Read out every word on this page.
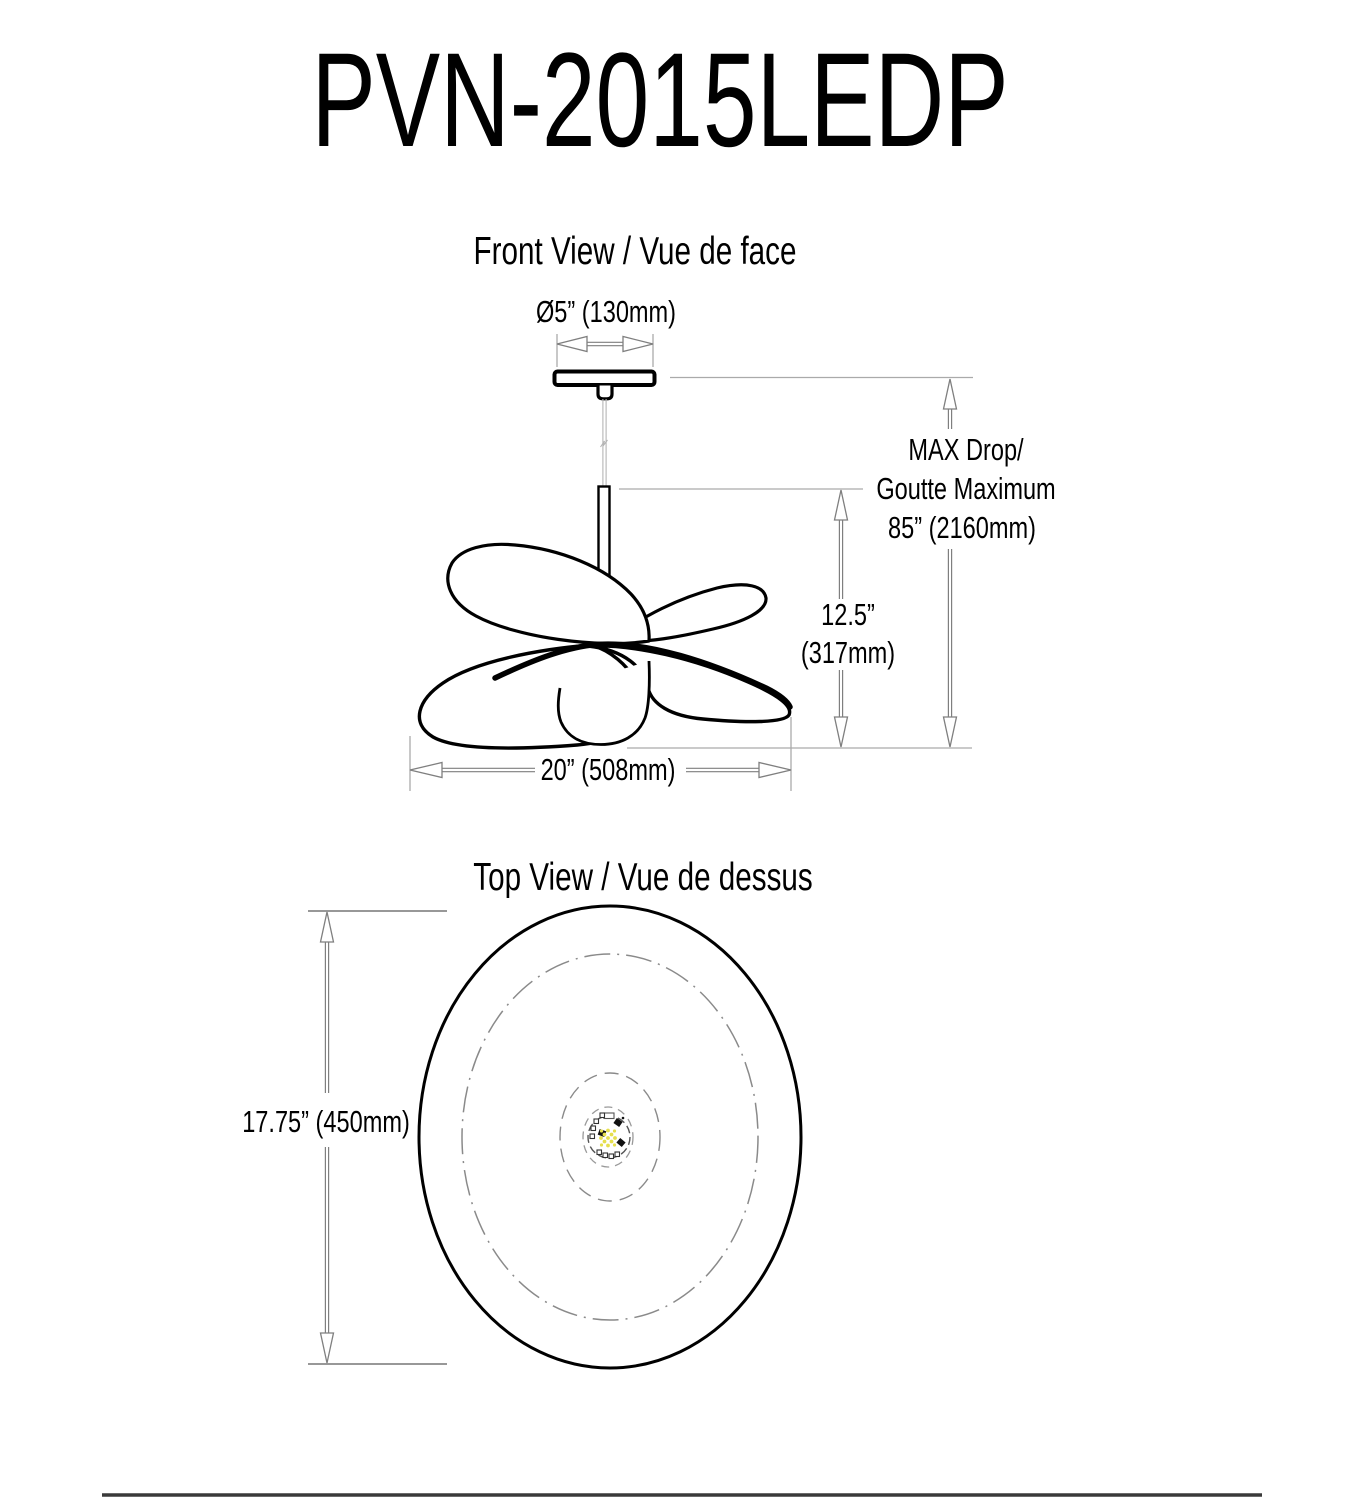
PVN-2015LEDP
Front View / Vue de face
Ø5” (130mm)
MAX Drop/
Goutte Maximum
85” (2160mm)
12.5”
(317mm)
20” (508mm)
Top View / Vue de dessus
17.75” (450mm)
